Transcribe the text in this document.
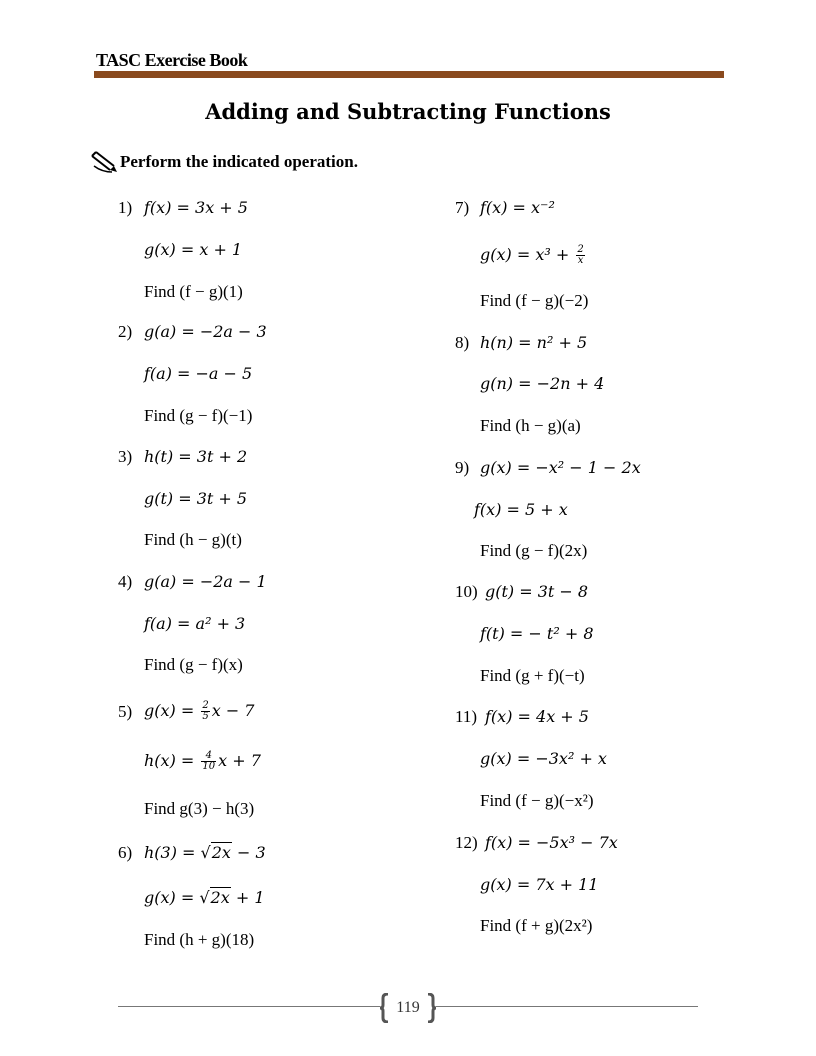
TASC Exercise Book
Adding and Subtracting Functions
Perform the indicated operation.
1) f(x) = 3x + 5
g(x) = x + 1
Find (f − g)(1)
2) g(a) = −2a − 3
f(a) = −a − 5
Find (g − f)(−1)
3) h(t) = 3t + 2
g(t) = 3t + 5
Find (h − g)(t)
4) g(a) = −2a − 1
f(a) = a² + 3
Find (g − f)(x)
5) $g(x) = \frac{2}{5}$ x − 7
$h(x) = \frac{4}{10}$ x + 7
Find g(3) − h(3)
6) h(3) = √2x − 3
g(x) = √2x + 1
Find (h + g)(18)
7) f(x) = x⁻²
$g(x) = x^3 + \frac{2}{x}$
Find (f − g)(−2)
8) h(n) = n² + 5
g(n) = −2n + 4
Find (h − g)(a)
9) g(x) = −x² − 1 − 2x
f(x) = 5 + x
Find (g − f)(2x)
10) g(t) = 3t − 8
f(t) = − t² + 8
Find (g + f)(−t)
11) f(x) = 4x + 5
g(x) = −3x² + x
Find (f − g)(−x²)
12) f(x) = −5x³ − 7x
g(x) = 7x + 11
Find (f + g)(2x²)
119
